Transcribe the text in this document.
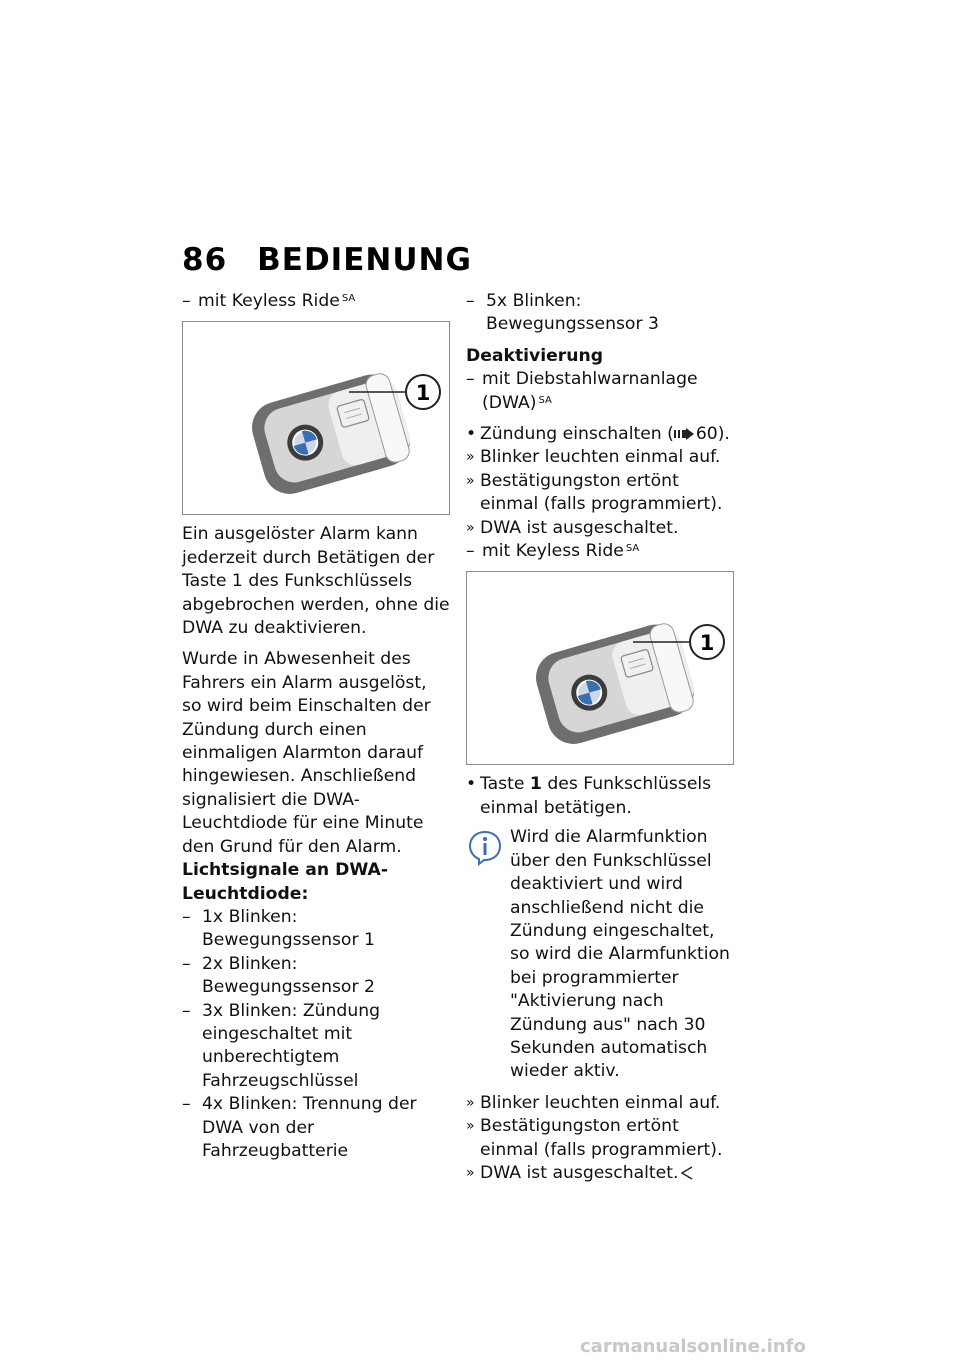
86 BEDIENUNG
– mit Keyless Ride $^{SA}$
1

Ein ausgelöster Alarm kann jederzeit durch Betätigen der Taste 1 des Funkschlüssels abgebrochen werden, ohne die DWA zu deaktivieren.

Wurde in Abwesenheit des Fahrers ein Alarm ausgelöst, so wird beim Einschalten der Zündung durch einen einmaligen Alarmton darauf hingewiesen. Anschließend signalisiert die DWA-Leuchtdiode für eine Minute den Grund für den Alarm.

Lichtsignale an DWA-Leuchtdiode:
– 1x Blinken: Bewegungssensor 1
– 2x Blinken: Bewegungssensor 2
– 3x Blinken: Zündung eingeschaltet mit unberechtigtem Fahrzeugschlüssel
– 4x Blinken: Trennung der DWA von der Fahrzeugbatterie
– 5x Blinken: Bewegungssensor 3
Deaktivierung
– mit Diebstahlwarnanlage (DWA) $^{SA}$
• Zündung einschalten ( 60).
» Blinker leuchten einmal auf.
» Bestätigungston ertönt einmal (falls programmiert).
» DWA ist ausgeschaltet.
– mit Keyless Ride $^{SA}$
1
• Taste 1 des Funkschlüssels einmal betätigen.
Wird die Alarmfunktion über den Funkschlüssel deaktiviert und wird anschließend nicht die Zündung eingeschaltet, so wird die Alarmfunktion bei programmierter "Aktivierung nach Zündung aus" nach 30 Sekunden automatisch wieder aktiv.
» Blinker leuchten einmal auf.
» Bestätigungston ertönt einmal (falls programmiert).
» DWA ist ausgeschaltet.
carmanualsonline.info
